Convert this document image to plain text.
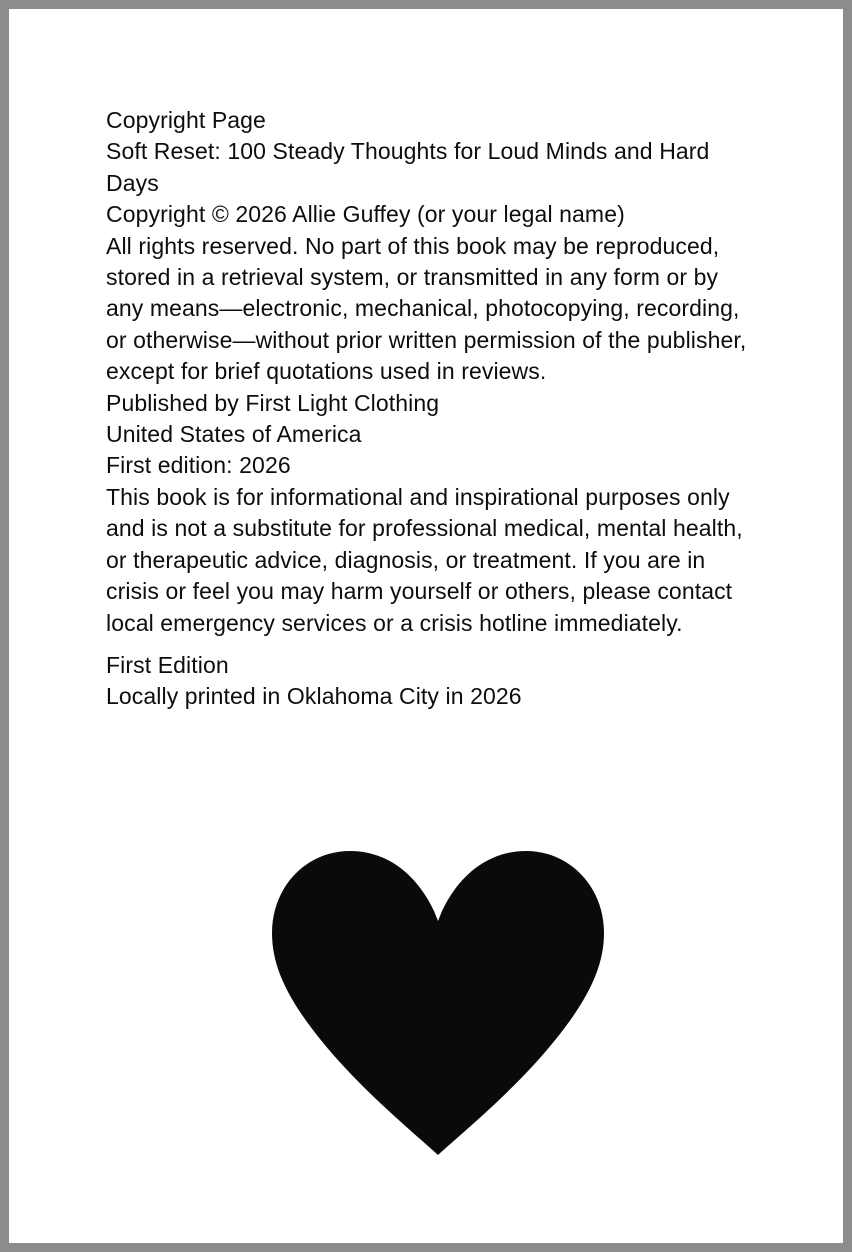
Copyright Page
Soft Reset: 100 Steady Thoughts for Loud Minds and Hard Days
Copyright © 2026 Allie Guffey (or your legal name)
All rights reserved. No part of this book may be reproduced, stored in a retrieval system, or transmitted in any form or by any means—electronic, mechanical, photocopying, recording, or otherwise—without prior written permission of the publisher, except for brief quotations used in reviews.
Published by First Light Clothing
United States of America
First edition: 2026
This book is for informational and inspirational purposes only and is not a substitute for professional medical, mental health, or therapeutic advice, diagnosis, or treatment. If you are in crisis or feel you may harm yourself or others, please contact local emergency services or a crisis hotline immediately.
First Edition
Locally printed in Oklahoma City in 2026
